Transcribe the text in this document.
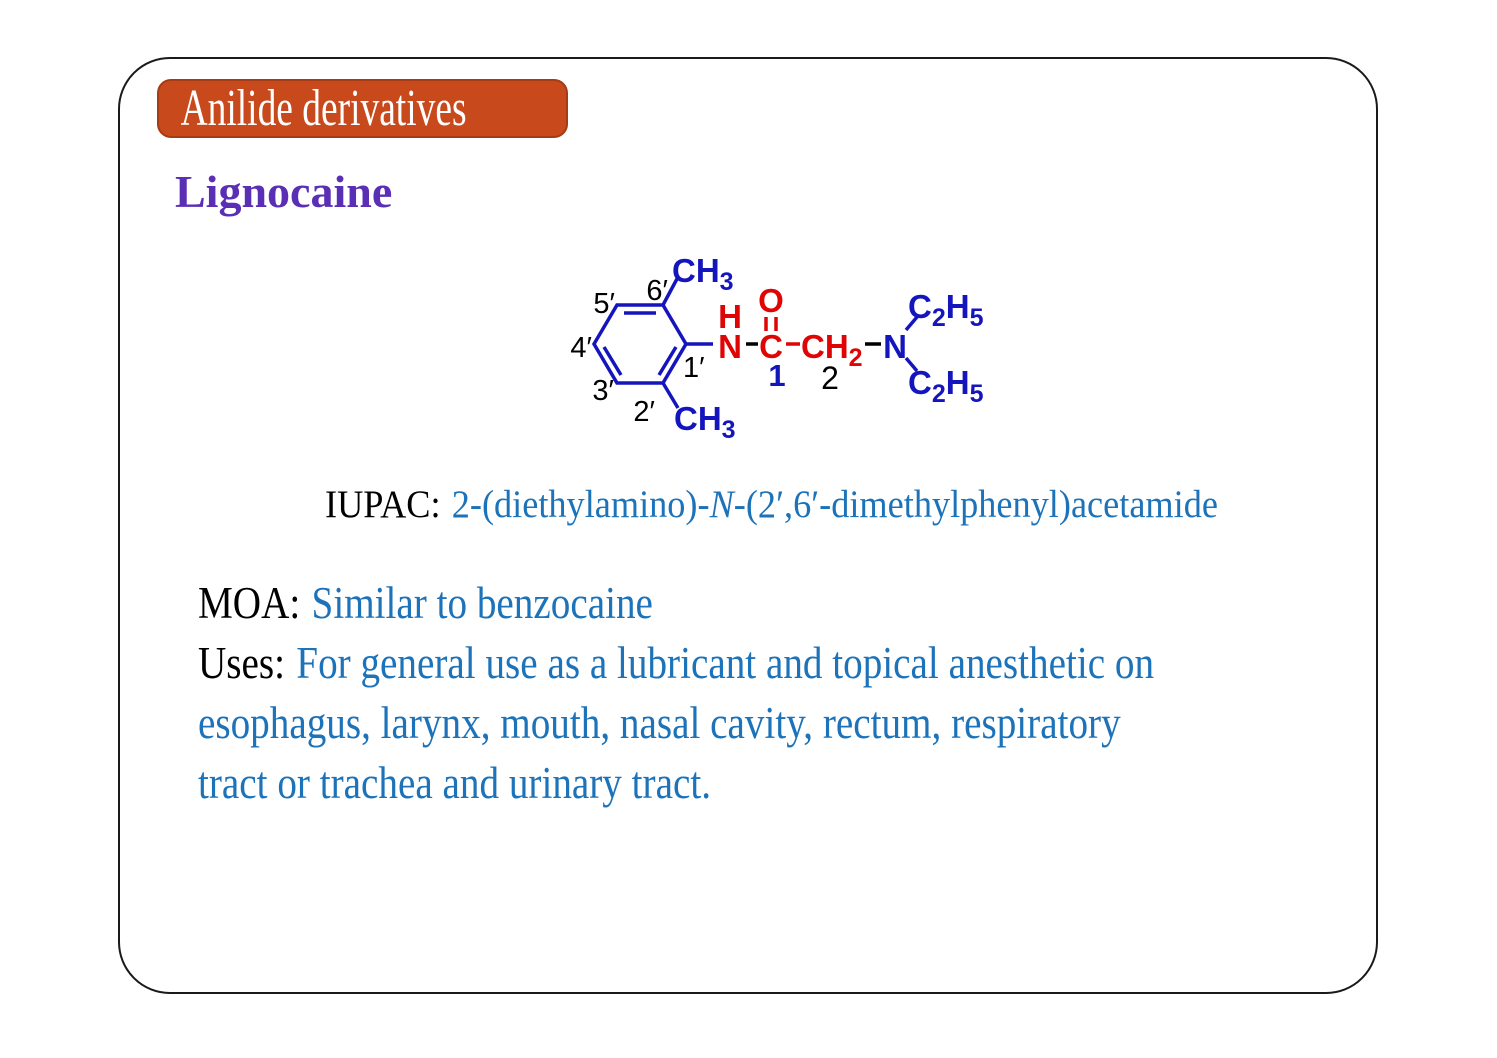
Anilide derivatives
Lignocaine
$CH_3$
$CH_3$
6′
5′
4′
3′
2′
1′
H
N
O
C $CH_2$
1 2
N
$C_2H_5$
$C_2H_5$
IUPAC: 2-(diethylamino)-N-(2′,6′-dimethylphenyl)acetamide
MOA: Similar to benzocaine
Uses: For general use as a lubricant and topical anesthetic on
esophagus, larynx, mouth, nasal cavity, rectum, respiratory
tract or trachea and urinary tract.
